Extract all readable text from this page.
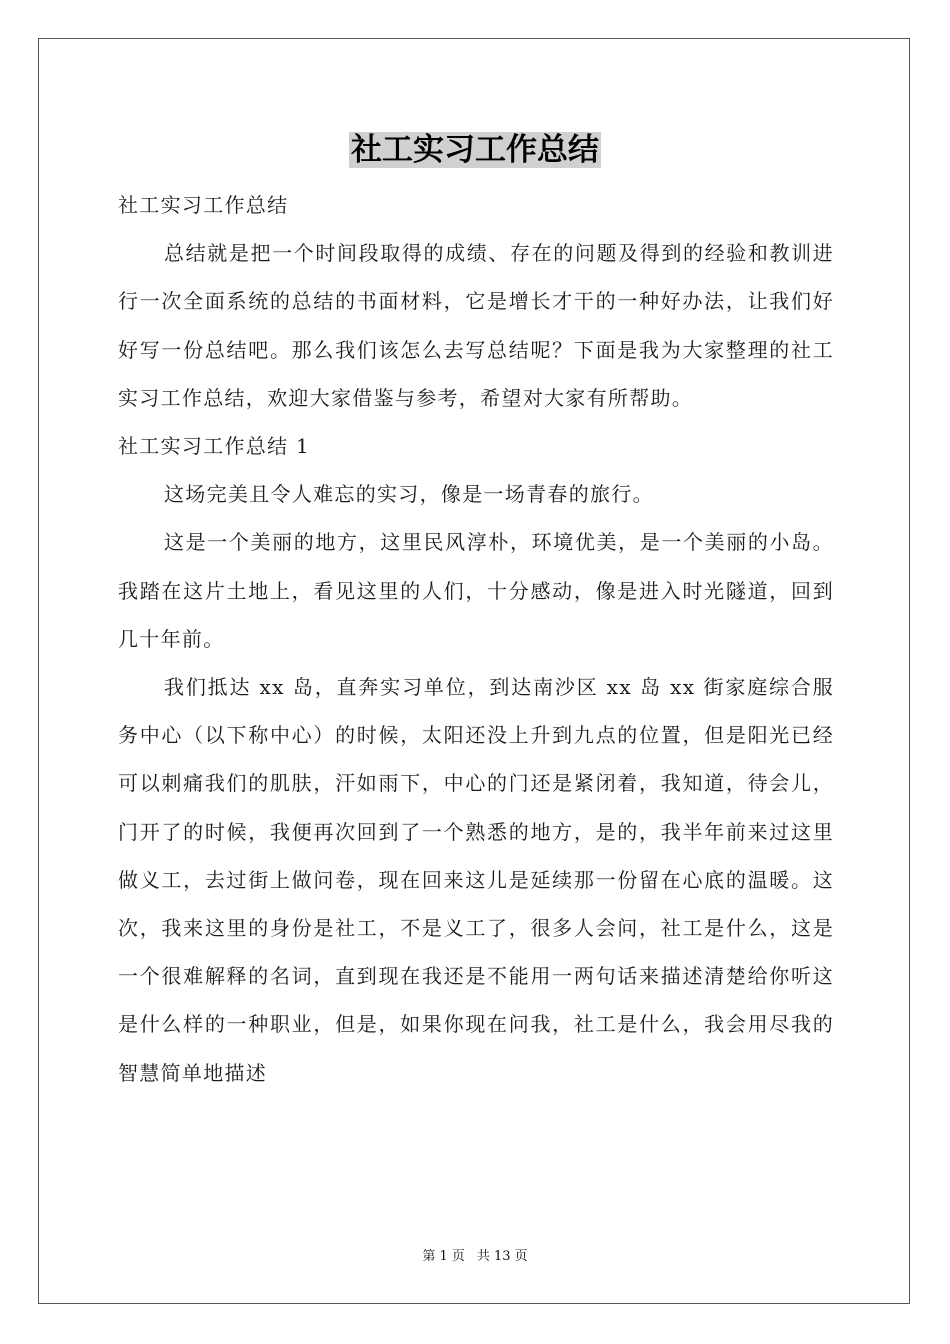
社工实习工作总结

社工实习工作总结

总结就是把一个时间段取得的成绩、存在的问题及得到的经验和教训进行一次全面系统的总结的书面材料，它是增长才干的一种好办法，让我们好好写一份总结吧。那么我们该怎么去写总结呢？下面是我为大家整理的社工实习工作总结，欢迎大家借鉴与参考，希望对大家有所帮助。

社工实习工作总结 1

这场完美且令人难忘的实习，像是一场青春的旅行。

这是一个美丽的地方，这里民风淳朴，环境优美，是一个美丽的小岛。我踏在这片土地上，看见这里的人们，十分感动，像是进入时光隧道，回到几十年前。

我们抵达 xx 岛，直奔实习单位，到达南沙区 xx 岛 xx 街家庭综合服务中心（以下称中心）的时候，太阳还没上升到九点的位置，但是阳光已经可以刺痛我们的肌肤，汗如雨下，中心的门还是紧闭着，我知道，待会儿，门开了的时候，我便再次回到了一个熟悉的地方，是的，我半年前来过这里做义工，去过街上做问卷，现在回来这儿是延续那一份留在心底的温暖。这次，我来这里的身份是社工，不是义工了，很多人会问，社工是什么，这是一个很难解释的名词，直到现在我还是不能用一两句话来描述清楚给你听这是什么样的一种职业，但是，如果你现在问我，社工是什么，我会用尽我的智慧简单地描述

第 1 页 共 13 页
